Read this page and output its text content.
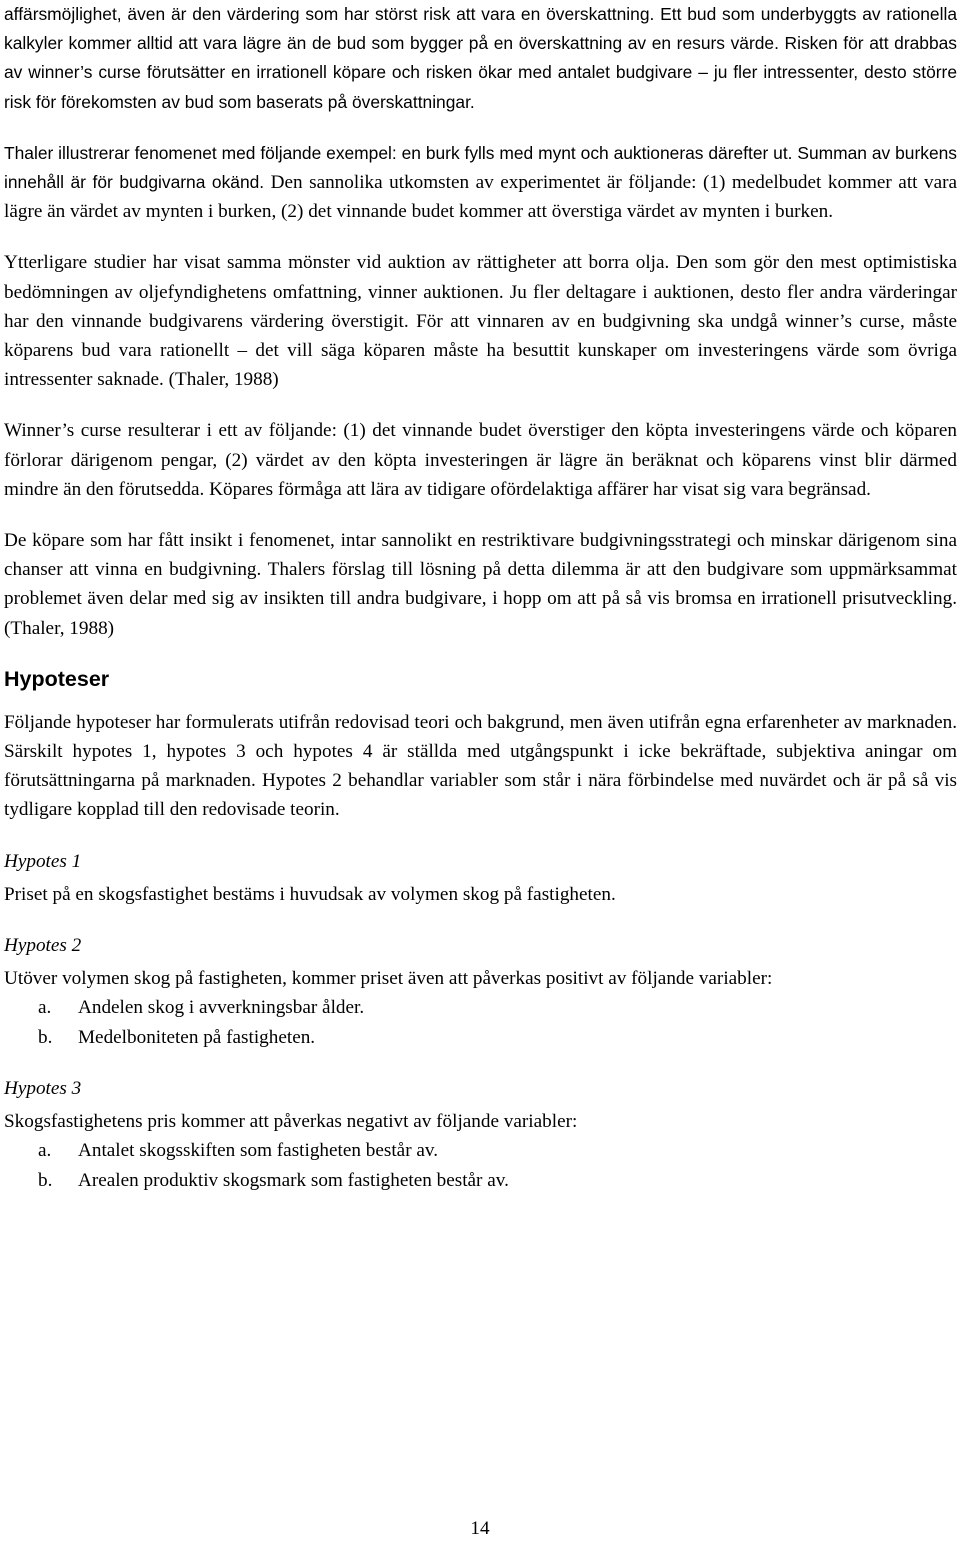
affärsmöjlighet, även är den värdering som har störst risk att vara en överskattning. Ett bud som underbyggts av rationella kalkyler kommer alltid att vara lägre än de bud som bygger på en överskattning av en resurs värde. Risken för att drabbas av winner’s curse förutsätter en irrationell köpare och risken ökar med antalet budgivare – ju fler intressenter, desto större risk för förekomsten av bud som baserats på överskattningar.

Thaler illustrerar fenomenet med följande exempel: en burk fylls med mynt och auktioneras därefter ut. Summan av burkens innehåll är för budgivarna okänd. Den sannolika utkomsten av experimentet är följande: (1) medelbudet kommer att vara lägre än värdet av mynten i burken, (2) det vinnande budet kommer att överstiga värdet av mynten i burken.

Ytterligare studier har visat samma mönster vid auktion av rättigheter att borra olja. Den som gör den mest optimistiska bedömningen av oljefyndighetens omfattning, vinner auktionen. Ju fler deltagare i auktionen, desto fler andra värderingar har den vinnande budgivarens värdering överstigit. För att vinnaren av en budgivning ska undgå winner’s curse, måste köparens bud vara rationellt – det vill säga köparen måste ha besuttit kunskaper om investeringens värde som övriga intressenter saknade. (Thaler, 1988)

Winner’s curse resulterar i ett av följande: (1) det vinnande budet överstiger den köpta investeringens värde och köparen förlorar därigenom pengar, (2) värdet av den köpta investeringen är lägre än beräknat och köparens vinst blir därmed mindre än den förutsedda. Köpares förmåga att lära av tidigare ofördelaktiga affärer har visat sig vara begränsad.

De köpare som har fått insikt i fenomenet, intar sannolikt en restriktivare budgivningsstrategi och minskar därigenom sina chanser att vinna en budgivning. Thalers förslag till lösning på detta dilemma är att den budgivare som uppmärksammat problemet även delar med sig av insikten till andra budgivare, i hopp om att på så vis bromsa en irrationell prisutveckling. (Thaler, 1988)

Hypoteser

Följande hypoteser har formulerats utifrån redovisad teori och bakgrund, men även utifrån egna erfarenheter av marknaden. Särskilt hypotes 1, hypotes 3 och hypotes 4 är ställda med utgångspunkt i icke bekräftade, subjektiva aningar om förutsättningarna på marknaden. Hypotes 2 behandlar variabler som står i nära förbindelse med nuvärdet och är på så vis tydligare kopplad till den redovisade teorin.

Hypotes 1

Priset på en skogsfastighet bestäms i huvudsak av volymen skog på fastigheten.

Hypotes 2

Utöver volymen skog på fastigheten, kommer priset även att påverkas positivt av följande variabler:

a.	Andelen skog i avverkningsbar ålder.
b.	Medelboniteten på fastigheten.
Hypotes 3

Skogsfastighetens pris kommer att påverkas negativt av följande variabler:

a.	Antalet skogsskiften som fastigheten består av.
b.	Arealen produktiv skogsmark som fastigheten består av.
14
